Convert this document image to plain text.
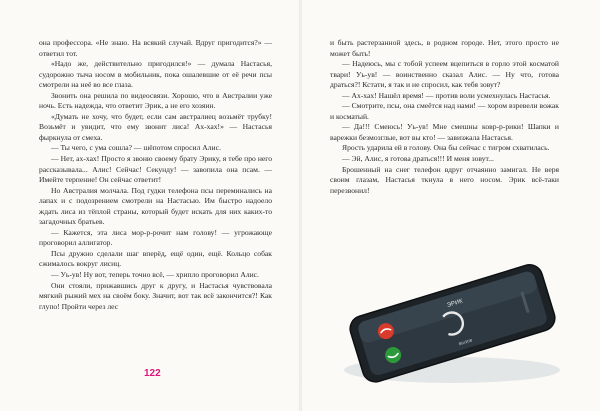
она профессора. «Не знаю. На всякий случай. Вдруг пригодится?» — ответил тот.

«Надо же, действительно пригодился!» — думала Настасья, судорожно тыча носом в мобильник, пока ошалевшие от её речи псы смотрели на неё во все глаза.

Звонить она решила по видеосвязи. Хорошо, что в Австралии уже ночь. Есть надежда, что ответит Эрик, а не его хозяин.

«Думать не хочу, что будет, если сам австралиец возьмёт трубку! Возьмёт и увидит, что ему звонит лиса! Ах-хах!» — Настасья фыркнула от смеха.

— Ты чего, с ума сошла? — шёпотом спросил Алис.

— Нет, ах-хах! Просто я звоню своему брату Эрику, я тебе про него рассказывала... Алис! Сейчас! Секунду! — завопила она псам. — Имейте терпение! Он сейчас ответит!

Но Австралия молчала. Под гудки телефона псы переминались на лапах и с подозрением смотрели на Настасью. Им быстро надоело ждать лиса из тёплой страны, который будет искать для них каких-то загадочных братьев.

— Кажется, эта лиса мор-р-рочит нам голову! — угрожающе проговорил аллигатор.

Псы дружно сделали шаг вперёд, ещё один, ещё. Кольцо собак сжималось вокруг лисиц.

— Уь-ув! Ну вот, теперь точно всё, — хрипло проговорил Алис.

Они стояли, прижавшись друг к другу, и Настасья чувствовала мягкий рыжий мех на своём боку. Значит, вот так всё закончится?! Как глупо! Пройти через лес

и быть растерзанной здесь, в родном городе. Нет, этого просто не может быть!

— Надеюсь, мы с тобой успеем вцепиться в горло этой косматой твари! Уь-ув! — воинственно сказал Алис. — Ну что, готова драться?! Кстати, я так и не спросил, как тебя зовут?

— Ах-хах! Нашёл время! — против воли усмехнулась Настасья.

— Смотрите, псы, она смеётся над нами! — хором взревели вожак и косматый.

— Да!!! Смеюсь! Уь-ув! Мне смешны ковр-р-рики! Шапки и варежки безмозглые, вот вы кто! — завизжала Настасья.

Ярость ударила ей в голову. Она бы сейчас с тигром схватилась.

— Эй, Алис, я готова драться!!! И меня зовут...

Брошенный на снег телефон вдруг отчаянно замигал. Не веря своим глазам, Настасья ткнула в него носом. Эрик всё-таки перезвонил!

122
ЭРИК
вызов
